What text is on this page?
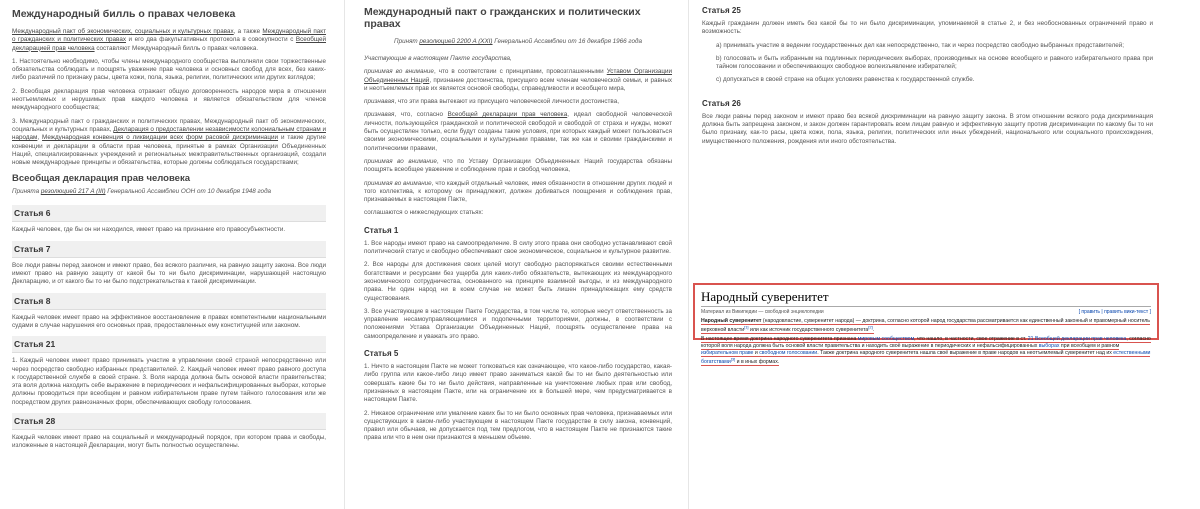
Международный билль о правах человека
Международный пакт об экономических, социальных и культурных правах, а также Международный пакт о гражданских и политических правах и его два факультативных протокола в совокупности с Всеобщей декларацией прав человека составляют Международный билль о правах человека.
1. Настоятельно необходимо, чтобы члены международного сообщества выполняли свои торжественные обязательства соблюдать и поощрять уважение прав человека и основных свобод для всех, без каких-либо различий по признаку расы, цвета кожи, пола, языка, религии, политических или других взглядов;
2. Всеобщая декларация прав человека отражает общую договоренность народов мира в отношении неотъемлемых и нерушимых прав каждого человека и является обязательством для членов международного сообщества;
3. Международный пакт о гражданских и политических правах, Международный пакт об экономических, социальных и культурных правах, Декларация о предоставлении независимости колониальным странам и народам, Международная конвенция о ликвидации всех форм расовой дискриминации и такие другие конвенции и декларации в области прав человека, принятые в рамках Организации Объединенных Наций, специализированных учреждений и региональных межправительственных организаций, создали новые международные принципы и обязательства, которые должны соблюдаться государствами;
Всеобщая декларация прав человека
Принята резолюцией 217 A (III) Генеральной Ассамблеи ООН от 10 декабря 1948 года
Статья 6
Каждый человек, где бы он ни находился, имеет право на признание его правосубъектности.
Статья 7
Все люди равны перед законом и имеют право, без всякого различия, на равную защиту закона. Все люди имеют право на равную защиту от какой бы то ни было дискриминации, нарушающей настоящую Декларацию, и от какого бы то ни было подстрекательства к такой дискриминации.
Статья 8
Каждый человек имеет право на эффективное восстановление в правах компетентными национальными судами в случае нарушения его основных прав, предоставленных ему конституцией или законом.
Статья 21
1. Каждый человек имеет право принимать участие в управлении своей страной непосредственно или через посредство свободно избранных представителей. 2. Каждый человек имеет право равного доступа к государственной службе в своей стране. 3. Воля народа должна быть основой власти правительства; эта воля должна находить себе выражение в периодических и нефальсифицированных выборах, которые должны проводиться при всеобщем и равном избирательном праве путем тайного голосования или же посредством других равнозначных форм, обеспечивающих свободу голосования.
Статья 28
Каждый человек имеет право на социальный и международный порядок, при котором права и свободы, изложенные в настоящей Декларации, могут быть полностью осуществлены.
Международный пакт о гражданских и политических правах
Принят резолюцией 2200 A (XXI) Генеральной Ассамблеи от 16 декабря 1966 года
Участвующие в настоящем Пакте государства,
принимая во внимание, что в соответствии с принципами, провозглашенными Уставом Организации Объединенных Наций, признание достоинства, присущего всем членам человеческой семьи, и равных и неотъемлемых прав их является основой свободы, справедливости и всеобщего мира,
признавая, что эти права вытекают из присущего человеческой личности достоинства,
признавая, что, согласно Всеобщей декларации прав человека, идеал свободной человеческой личности, пользующейся гражданской и политической свободой и свободой от страха и нужды, может быть осуществлен только, если будут созданы такие условия, при которых каждый может пользоваться своими экономическими, социальными и культурными правами, так же как и своими гражданскими и политическими правами,
принимая во внимание, что по Уставу Организации Объединенных Наций государства обязаны поощрять всеобщее уважение и соблюдение прав и свобод человека,
принимая во внимание, что каждый отдельный человек, имея обязанности в отношении других людей и того коллектива, к которому он принадлежит, должен добиваться поощрения и соблюдения прав, признаваемых в настоящем Пакте,
соглашаются о нижеследующих статьях:
Статья 1
1. Все народы имеют право на самоопределение. В силу этого права они свободно устанавливают свой политический статус и свободно обеспечивают свое экономическое, социальное и культурное развитие.
2. Все народы для достижения своих целей могут свободно распоряжаться своими естественными богатствами и ресурсами без ущерба для каких-либо обязательств, вытекающих из международного экономического сотрудничества, основанного на принципе взаимной выгоды, и из международного права. Ни один народ ни в коем случае не может быть лишен принадлежащих ему средств существования.
3. Все участвующие в настоящем Пакте Государства, в том числе те, которые несут ответственность за управление несамоуправляющимися и подопечными территориями, должны, в соответствии с положениями Устава Организации Объединенных Наций, поощрять осуществление права на самоопределение и уважать это право.
Статья 5
1. Ничто в настоящем Пакте не может толковаться как означающее, что какое-либо государство, какая-либо группа или какое-либо лицо имеет право заниматься какой бы то ни было деятельностью или совершать какие бы то ни было действия, направленные на уничтожение любых прав или свобод, признанных в настоящем Пакте, или на ограничение их в большей мере, чем предусматривается в настоящем Пакте.
2. Никакое ограничение или умаление каких бы то ни было основных прав человека, признаваемых или существующих в каком-либо участвующем в настоящем Пакте государстве в силу закона, конвенций, правил или обычаев, не допускается под тем предлогом, что в настоящем Пакте не признаются такие права или что в нем они признаются в меньшем объеме.
Статья 25
Каждый гражданин должен иметь без какой бы то ни было дискриминации, упоминаемой в статье 2, и без необоснованных ограничений право и возможность:
а) принимать участие в ведении государственных дел как непосредственно, так и через посредство свободно выбранных представителей;
b) голосовать и быть избранным на подлинных периодических выборах, производимых на основе всеобщего и равного избирательного права при тайном голосовании и обеспечивающих свободное волеизъявление избирателей;
c) допускаться в своей стране на общих условиях равенства к государственной службе.
Статья 26
Все люди равны перед законом и имеют право без всякой дискриминации на равную защиту закона. В этом отношении всякого рода дискриминация должна быть запрещена законом, и закон должен гарантировать всем лицам равную и эффективную защиту против дискриминации по какому бы то ни было признаку, как-то расы, цвета кожи, пола, языка, религии, политических или иных убеждений, национального или социального происхождения, имущественного положения, рождения или иного обстоятельства.
Народный суверенитет
Материал из Википедии — свободной энциклопедии	[ править | править вики-текст ]
Народный суверенитет (народовластие, суверенитет народа) — доктрина, согласно которой народ государства рассматривается как единственный законный и правомерный носитель верховной власти[1] или как источник государственного суверенитета[2].
В настоящее время доктрина народного суверенитета признана мировым сообществом, что нашло, в частности, свое отражение в ст. 21 Всеобщей декларации прав человека, согласно которой воля народа должна быть основой власти правительства и находить своё выражение в периодических и нефальсифицированных выборах при всеобщем и равном избирательном праве и свободном голосовании. Также доктрина народного суверенитета нашла своё выражение в праве народов на неотъемлемый суверенитет над их естественными богатствами[3] и в иных формах.
